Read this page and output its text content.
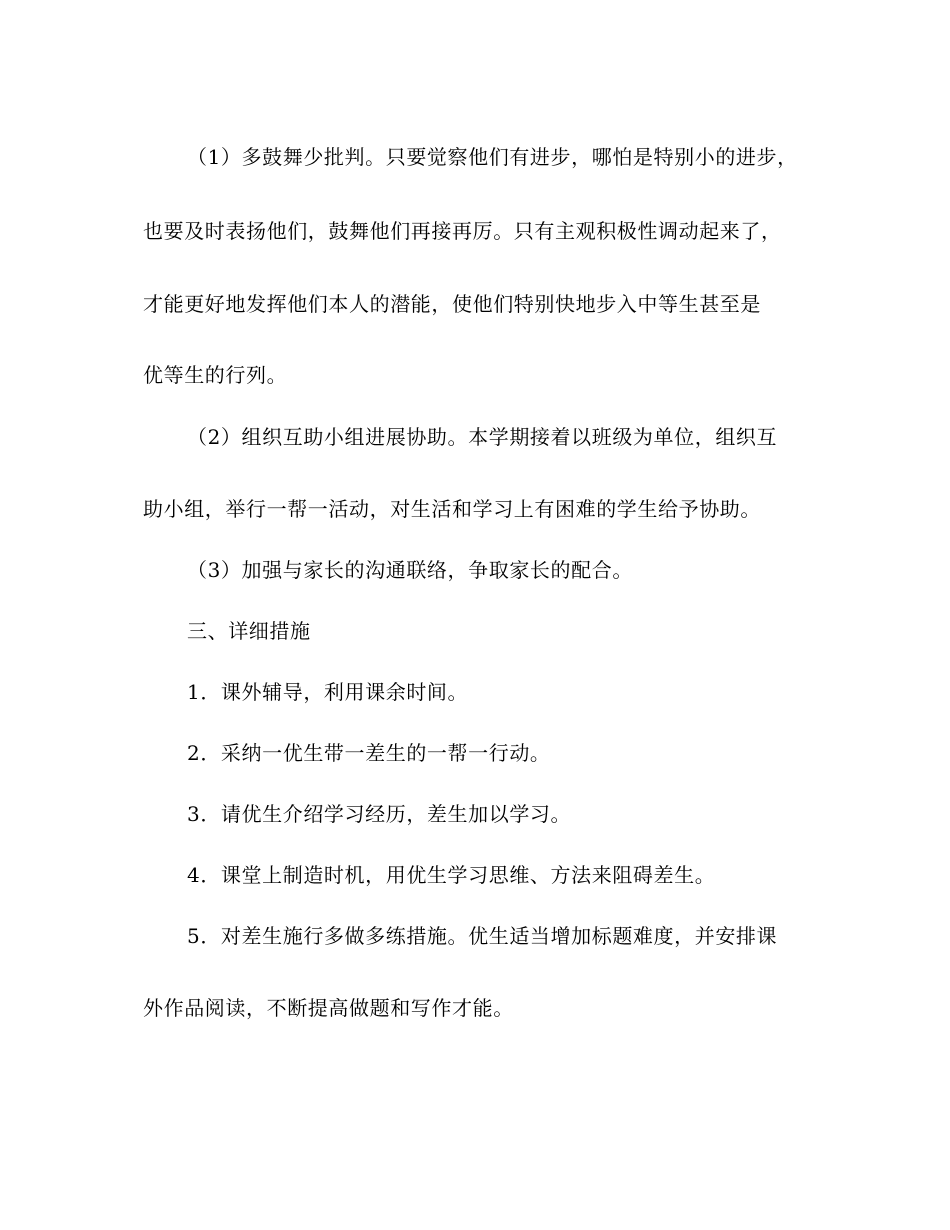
（1）多鼓舞少批判。只要觉察他们有进步，哪怕是特别小的进步，
也要及时表扬他们，鼓舞他们再接再厉。只有主观积极性调动起来了，
才能更好地发挥他们本人的潜能，使他们特别快地步入中等生甚至是
优等生的行列。
（2）组织互助小组进展协助。本学期接着以班级为单位，组织互
助小组，举行一帮一活动，对生活和学习上有困难的学生给予协助。
（3）加强与家长的沟通联络，争取家长的配合。
三、详细措施
1．课外辅导，利用课余时间。
2．采纳一优生带一差生的一帮一行动。
3．请优生介绍学习经历，差生加以学习。
4．课堂上制造时机，用优生学习思维、方法来阻碍差生。
5．对差生施行多做多练措施。优生适当增加标题难度，并安排课
外作品阅读，不断提高做题和写作才能。
